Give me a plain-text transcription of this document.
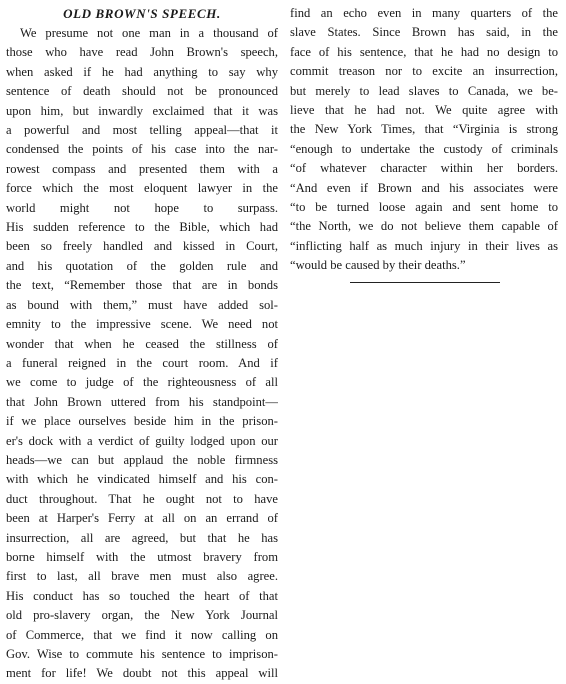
OLD BROWN'S SPEECH.
We presume not one man in a thousand of
those who have read John Brown's speech,
when asked if he had anything to say why
sentence of death should not be pronounced
upon him, but inwardly exclaimed that it was
a powerful and most telling appeal—that it
condensed the points of his case into the nar-
rowest compass and presented them with a
force which the most eloquent lawyer in the
world might not hope to surpass.
His sudden reference to the Bible, which had
been so freely handled and kissed in Court,
and his quotation of the golden rule and
the text, “Remember those that are in bonds
as bound with them,” must have added sol-
emnity to the impressive scene. We need not
wonder that when he ceased the stillness of
a funeral reigned in the court room. And if
we come to judge of the righteousness of all
that John Brown uttered from his standpoint—
if we place ourselves beside him in the prison-
er's dock with a verdict of guilty lodged upon our
heads—we can but applaud the noble firmness
with which he vindicated himself and his con-
duct throughout. That he ought not to have
been at Harper's Ferry at all on an errand of
insurrection, all are agreed, but that he has
borne himself with the utmost bravery from
first to last, all brave men must also agree.
His conduct has so touched the heart of that
old pro-slavery organ, the New York Journal
of Commerce, that we find it now calling on
Gov. Wise to commute his sentence to imprison-
ment for life! We doubt not this appeal will
find an echo even in many quarters of the
slave States. Since Brown has said, in the
face of his sentence, that he had no design to
commit treason nor to excite an insurrection,
but merely to lead slaves to Canada, we be-
lieve that he had not. We quite agree with
the New York Times, that “Virginia is strong
“enough to undertake the custody of criminals
“of whatever character within her borders.
“And even if Brown and his associates were
“to be turned loose again and sent home to
“the North, we do not believe them capable of
“inflicting half as much injury in their lives as
“would be caused by their deaths.”
